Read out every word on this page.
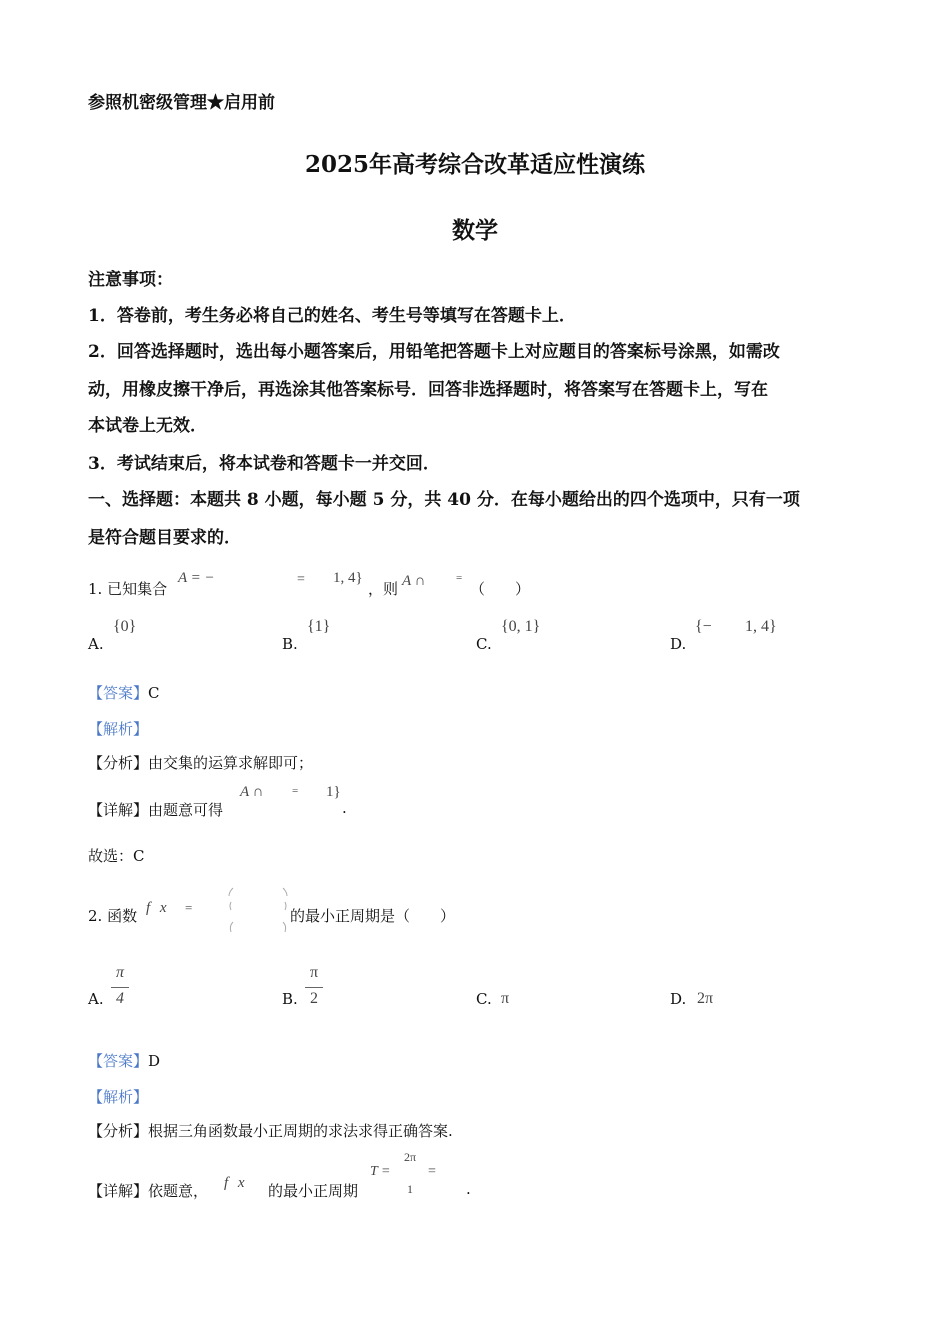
参照机密级管理★启用前
2025年高考综合改革适应性演练
数学
注意事项：
1．答卷前，考生务必将自己的姓名、考生号等填写在答题卡上．
2．回答选择题时，选出每小题答案后，用铅笔把答题卡上对应题目的答案标号涂黑，如需改
动，用橡皮擦干净后，再选涂其他答案标号．回答非选择题时，将答案写在答题卡上，写在
本试卷上无效．
3．考试结束后，将本试卷和答题卡一并交回．
一、选择题：本题共 8 小题，每小题 5 分，共 40 分．在每小题给出的四个选项中，只有一项
是符合题目要求的．
1. 已知集合
A = −	= 1, 4}
，则 A ∩	=
（　　）
A.
{0}
B.
{1}
C.
{0, 1}
D.
{− 1, 4}
【答案】C
【解析】
【分析】由交集的运算求解即可；
【详解】由题意可得
A ∩	= 1}
.
故选：C
2. 函数 f x =	的最小正周期是（　　）
A.
π
4	B.
π
2	C. π	D. 2π
【答案】D
【解析】
【分析】根据三角函数最小正周期的求法求得正确答案.
【详解】依题意， f x 的最小正周期
T =
2π
1
=
.
